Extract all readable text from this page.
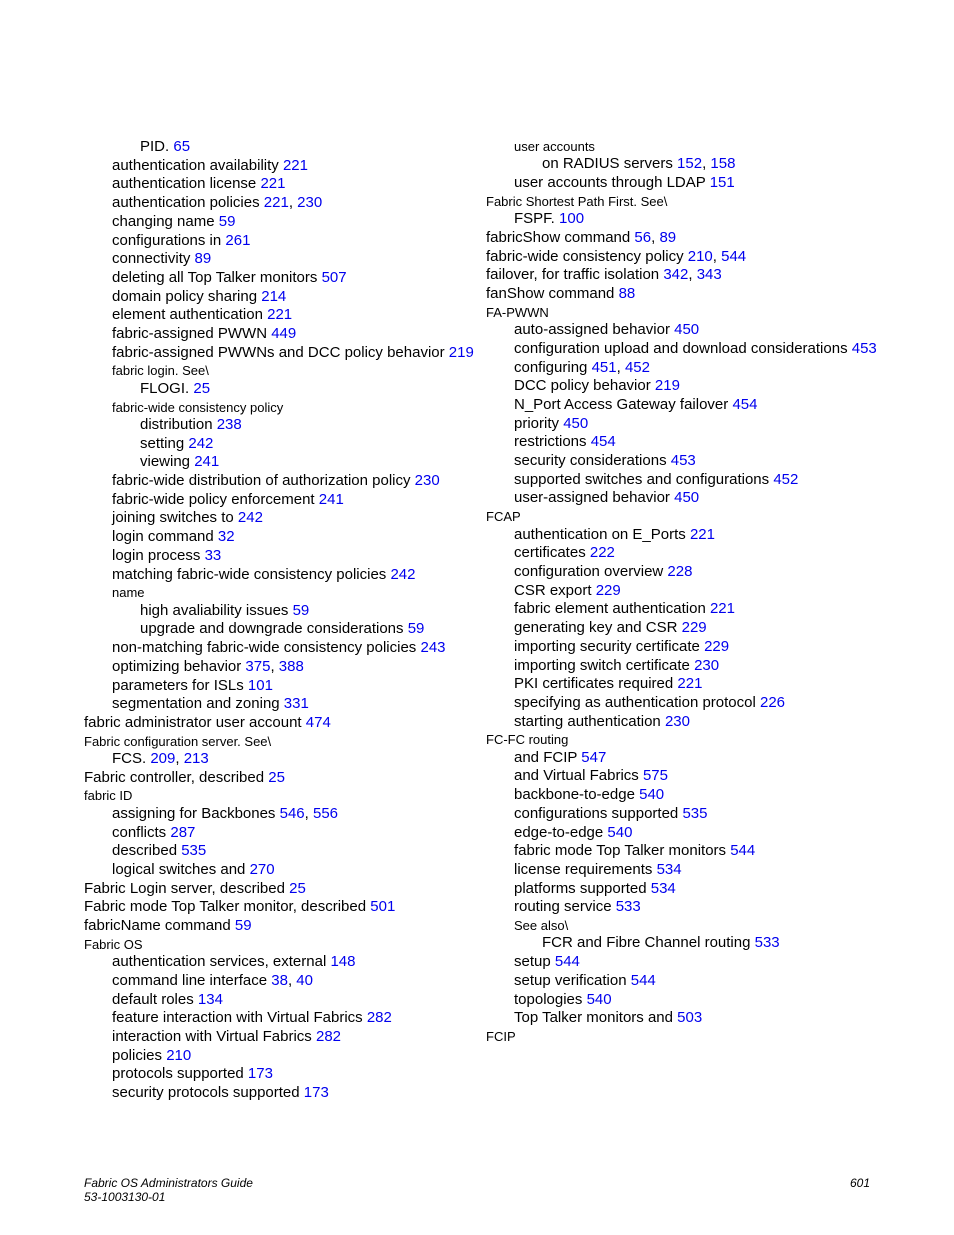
PID. 65
authentication availability 221
authentication license 221
authentication policies 221, 230
changing name 59
configurations in 261
connectivity 89
deleting all Top Talker monitors 507
domain policy sharing 214
element authentication 221
fabric-assigned PWWN 449
fabric-assigned PWWNs and DCC policy behavior 219
fabric login. See\
FLOGI. 25
fabric-wide consistency policy
distribution 238
setting 242
viewing 241
fabric-wide distribution of authorization policy 230
fabric-wide policy enforcement 241
joining switches to 242
login command 32
login process 33
matching fabric-wide consistency policies 242
name
high avaliability issues 59
upgrade and downgrade considerations 59
non-matching fabric-wide consistency policies 243
optimizing behavior 375, 388
parameters for ISLs 101
segmentation and zoning 331
fabric administrator user account 474
Fabric configuration server. See\
FCS. 209, 213
Fabric controller, described 25
fabric ID
assigning for Backbones 546, 556
conflicts 287
described 535
logical switches and 270
Fabric Login server, described 25
Fabric mode Top Talker monitor, described 501
fabricName command 59
Fabric OS
authentication services, external 148
command line interface 38, 40
default roles 134
feature interaction with Virtual Fabrics 282
interaction with Virtual Fabrics 282
policies 210
protocols supported 173
security protocols supported 173
user accounts
on RADIUS servers 152, 158
user accounts through LDAP 151
Fabric Shortest Path First. See\
FSPF. 100
fabricShow command 56, 89
fabric-wide consistency policy 210, 544
failover, for traffic isolation 342, 343
fanShow command 88
FA-PWWN
auto-assigned behavior 450
configuration upload and download considerations 453
configuring 451, 452
DCC policy behavior 219
N_Port Access Gateway failover 454
priority 450
restrictions 454
security considerations 453
supported switches and configurations 452
user-assigned behavior 450
FCAP
authentication on E_Ports 221
certificates 222
configuration overview 228
CSR export 229
fabric element authentication 221
generating key and CSR 229
importing security certificate 229
importing switch certificate 230
PKI certificates required 221
specifying as authentication protocol 226
starting authentication 230
FC-FC routing
and FCIP 547
and Virtual Fabrics 575
backbone-to-edge 540
configurations supported 535
edge-to-edge 540
fabric mode Top Talker monitors 544
license requirements 534
platforms supported 534
routing service 533
See also\
FCR and Fibre Channel routing 533
setup 544
setup verification 544
topologies 540
Top Talker monitors and 503
FCIP
Fabric OS Administrators Guide
53-1003130-01
601
